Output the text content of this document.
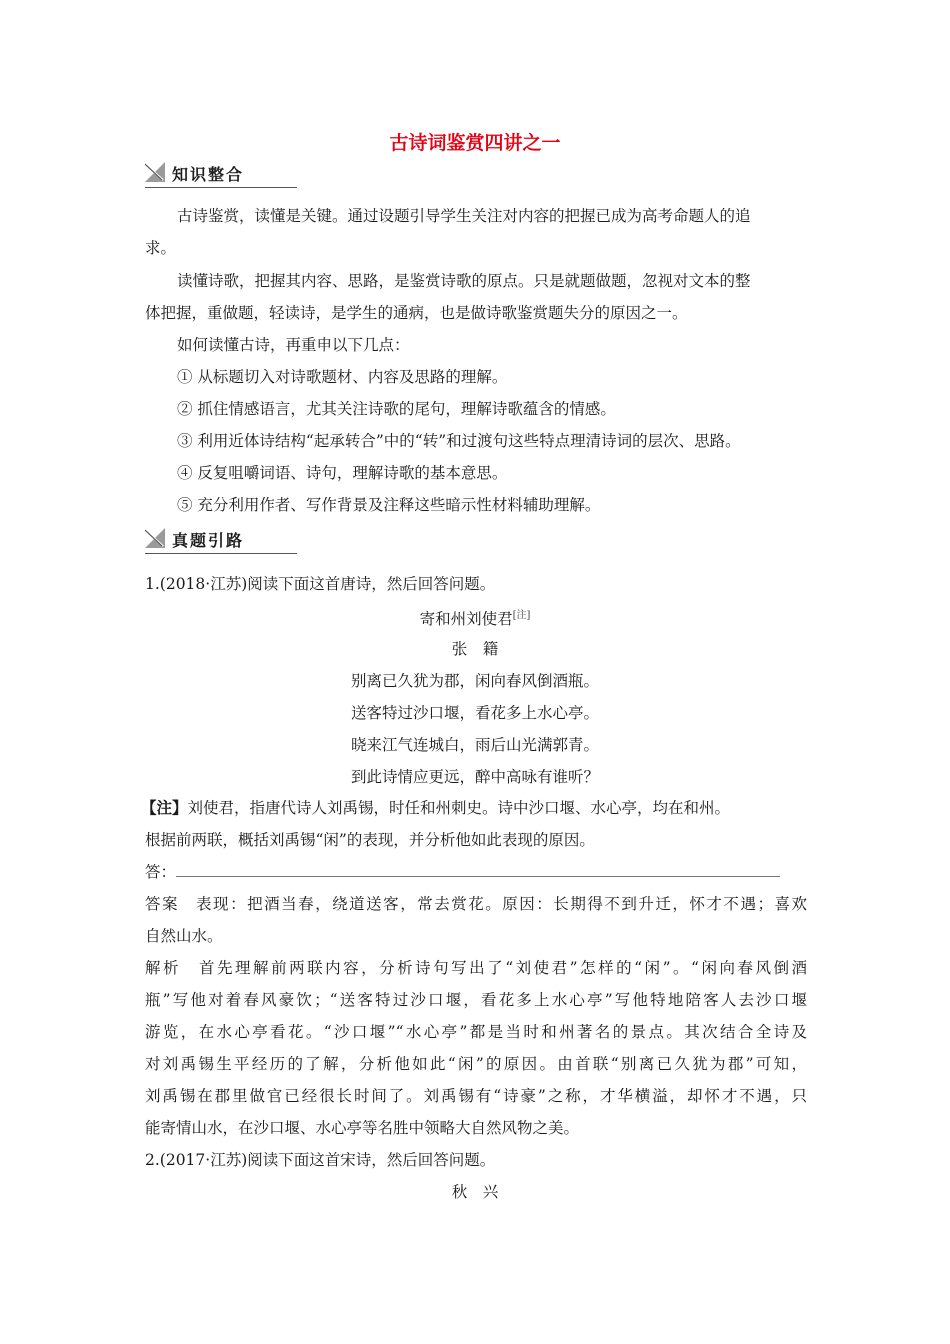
古诗词鉴赏四讲之一
知识整合
古诗鉴赏，读懂是关键。通过设题引导学生关注对内容的把握已成为高考命题人的追
求。
读懂诗歌，把握其内容、思路，是鉴赏诗歌的原点。只是就题做题，忽视对文本的整
体把握，重做题，轻读诗，是学生的通病，也是做诗歌鉴赏题失分的原因之一。
如何读懂古诗，再重申以下几点：
① 从标题切入对诗歌题材、内容及思路的理解。
② 抓住情感语言，尤其关注诗歌的尾句，理解诗歌蕴含的情感。
③ 利用近体诗结构“起承转合”中的“转”和过渡句这些特点理清诗词的层次、思路。
④ 反复咀嚼词语、诗句，理解诗歌的基本意思。
⑤ 充分利用作者、写作背景及注释这些暗示性材料辅助理解。
真题引路
1.(2018·江苏)阅读下面这首唐诗，然后回答问题。
寄和州刘使君[注]
张　籍
别离已久犹为郡，闲向春风倒酒瓶。
送客特过沙口堰，看花多上水心亭。
晓来江气连城白，雨后山光满郭青。
到此诗情应更远，醉中高咏有谁听？
【注】刘使君，指唐代诗人刘禹锡，时任和州刺史。诗中沙口堰、水心亭，均在和州。
根据前两联，概括刘禹锡“闲”的表现，并分析他如此表现的原因。
答：
答案　表现：把酒当春，绕道送客，常去赏花。原因：长期得不到升迁，怀才不遇；喜欢
自然山水。
解析　首先理解前两联内容，分析诗句写出了“刘使君”怎样的“闲”。“闲向春风倒酒
瓶”写他对着春风豪饮；“送客特过沙口堰，看花多上水心亭”写他特地陪客人去沙口堰
游览，在水心亭看花。“沙口堰”“水心亭”都是当时和州著名的景点。其次结合全诗及
对刘禹锡生平经历的了解，分析他如此“闲”的原因。由首联“别离已久犹为郡”可知，
刘禹锡在郡里做官已经很长时间了。刘禹锡有“诗豪”之称，才华横溢，却怀才不遇，只
能寄情山水，在沙口堰、水心亭等名胜中领略大自然风物之美。
2.(2017·江苏)阅读下面这首宋诗，然后回答问题。
秋　兴
